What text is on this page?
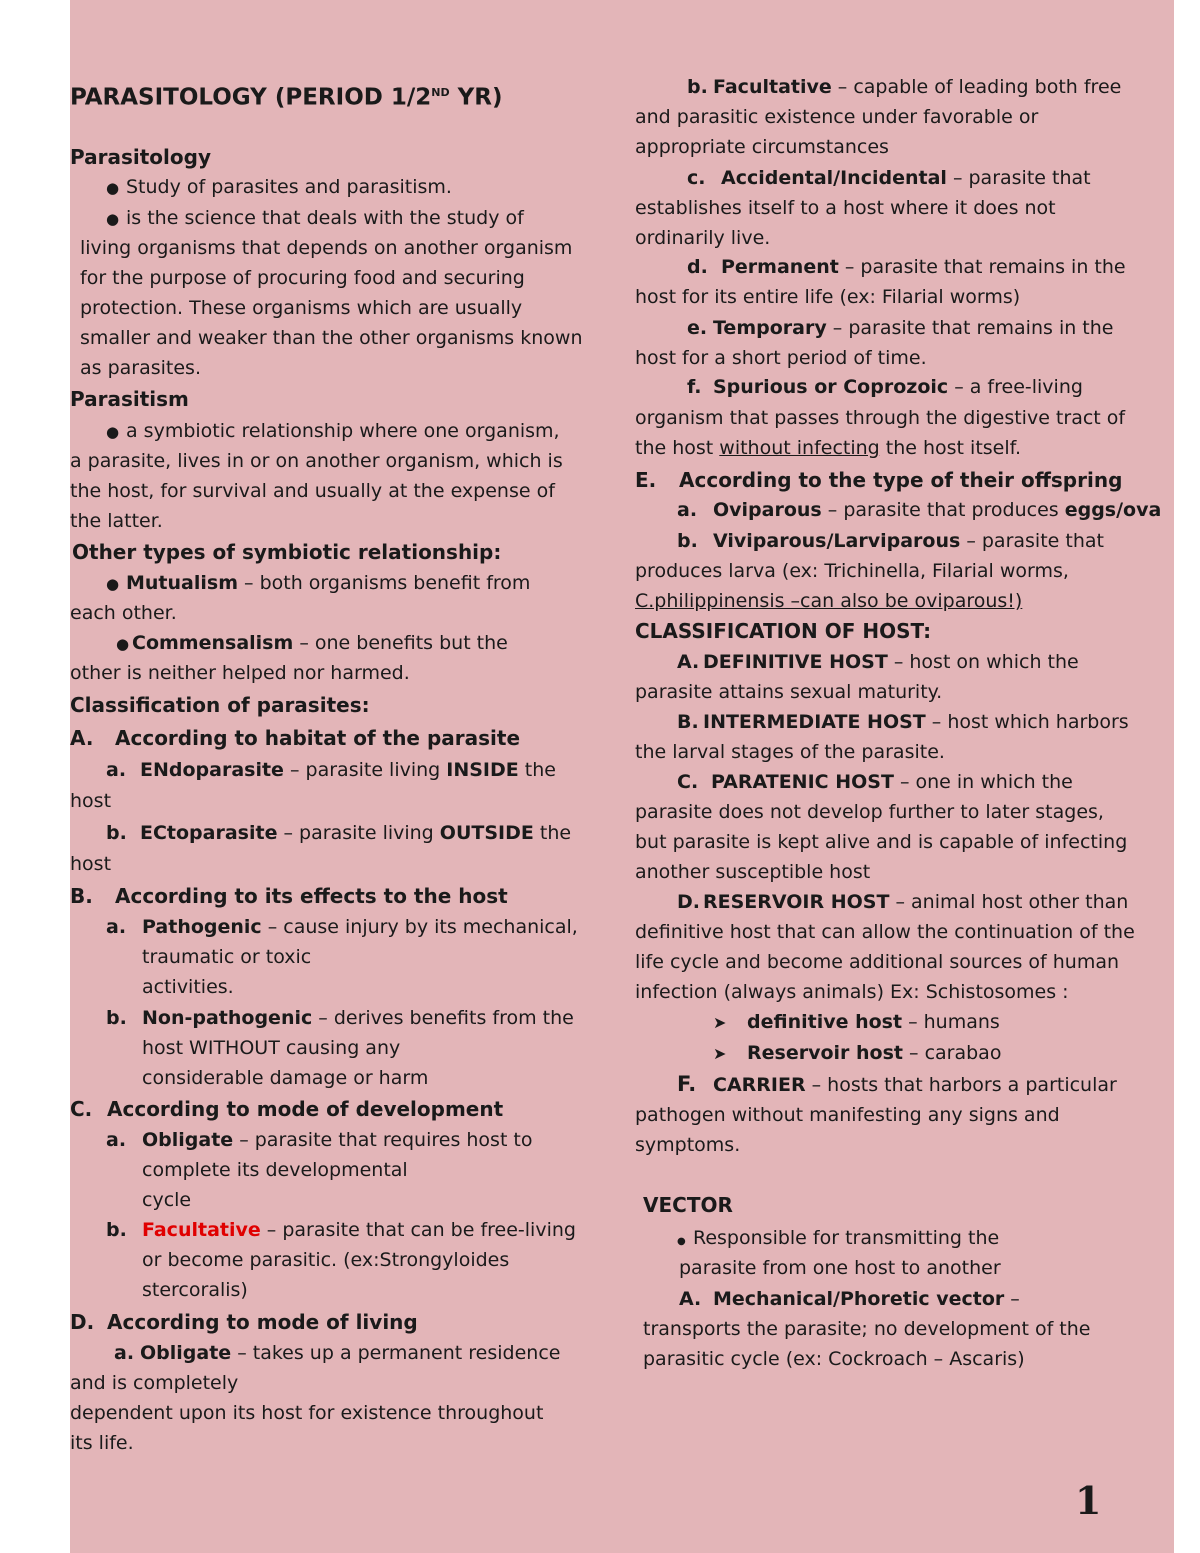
PARASITOLOGY (PERIOD 1/2ND YR)
Parasitology
● Study of parasites and parasitism.
● is the science that deals with the study of
living organisms that depends on another organism
for the purpose of procuring food and securing
protection. These organisms which are usually
smaller and weaker than the other organisms known
as parasites.
Parasitism
● a symbiotic relationship where one organism,
a parasite, lives in or on another organism, which is
the host, for survival and usually at the expense of
the latter.
Other types of symbiotic relationship:
● Mutualism – both organisms benefit from
each other.
● Commensalism – one benefits but the
other is neither helped nor harmed.
Classification of parasites:
A. According to habitat of the parasite
a. ENdoparasite – parasite living INSIDE the
host
b. ECtoparasite – parasite living OUTSIDE the
host
B. According to its effects to the host
a. Pathogenic – cause injury by its mechanical,
traumatic or toxic
activities.
b. Non-pathogenic – derives benefits from the
host WITHOUT causing any
considerable damage or harm
C. According to mode of development
a. Obligate – parasite that requires host to
complete its developmental
cycle
b. Facultative – parasite that can be free-living
or become parasitic. (ex:Strongyloides
stercoralis)
D. According to mode of living
a. Obligate – takes up a permanent residence
and is completely
dependent upon its host for existence throughout
its life.
b. Facultative – capable of leading both free
and parasitic existence under favorable or
appropriate circumstances
c. Accidental/Incidental – parasite that
establishes itself to a host where it does not
ordinarily live.
d. Permanent – parasite that remains in the
host for its entire life (ex: Filarial worms)
e. Temporary – parasite that remains in the
host for a short period of time.
f. Spurious or Coprozoic – a free-living
organism that passes through the digestive tract of
the host without infecting the host itself.
E. According to the type of their offspring
a. Oviparous – parasite that produces eggs/ova
b. Viviparous/Larviparous – parasite that
produces larva (ex: Trichinella, Filarial worms,
C.philippinensis –can also be oviparous!)
CLASSIFICATION OF HOST:
A. DEFINITIVE HOST – host on which the
parasite attains sexual maturity.
B. INTERMEDIATE HOST – host which harbors
the larval stages of the parasite.
C. PARATENIC HOST – one in which the
parasite does not develop further to later stages,
but parasite is kept alive and is capable of infecting
another susceptible host
D. RESERVOIR HOST – animal host other than
definitive host that can allow the continuation of the
life cycle and become additional sources of human
infection (always animals) Ex: Schistosomes :
➤ definitive host – humans
➤ Reservoir host – carabao
F. CARRIER – hosts that harbors a particular
pathogen without manifesting any signs and
symptoms.
VECTOR
● Responsible for transmitting the
parasite from one host to another
A. Mechanical/Phoretic vector –
transports the parasite; no development of the
parasitic cycle (ex: Cockroach – Ascaris)
1
